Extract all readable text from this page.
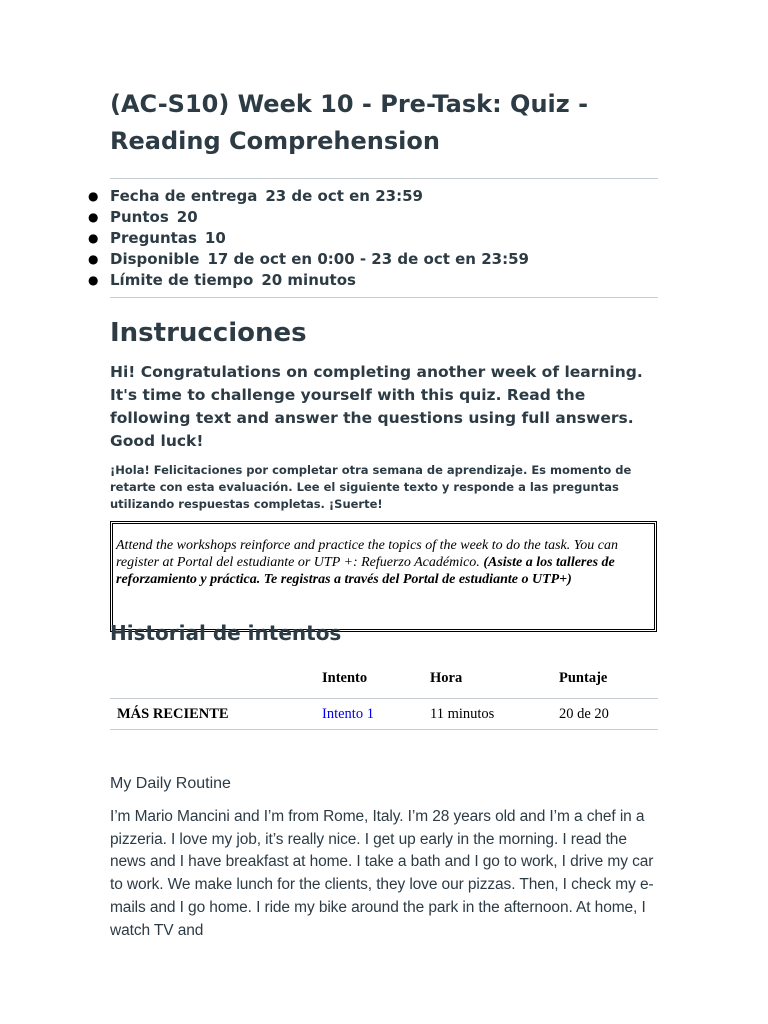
(AC-S10) Week 10 - Pre-Task: Quiz - Reading Comprehension
● Fecha de entrega 23 de oct en 23:59
● Puntos 20
● Preguntas 10
● Disponible 17 de oct en 0:00 - 23 de oct en 23:59
● Límite de tiempo 20 minutos
Instrucciones

Hi! Congratulations on completing another week of learning. It's time to challenge yourself with this quiz. Read the following text and answer the questions using full answers. Good luck!

¡Hola! Felicitaciones por completar otra semana de aprendizaje. Es momento de retarte con esta evaluación. Lee el siguiente texto y responde a las preguntas utilizando respuestas completas. ¡Suerte!

Attend the workshops reinforce and practice the topics of the week to do the task. You can register at Portal del estudiante or UTP +: Refuerzo Académico. (Asiste a los talleres de reforzamiento y práctica. Te registras a través del Portal de estudiante o UTP+)
Historial de intentos
	Intento	Hora	Puntaje
MÁS RECIENTE	Intento 1	11 minutos	20 de 20
My Daily Routine

I’m Mario Mancini and I’m from Rome, Italy. I’m 28 years old and I’m a chef in a pizzeria. I love my job, it’s really nice. I get up early in the morning. I read the news and I have breakfast at home. I take a bath and I go to work, I drive my car to work. We make lunch for the clients, they love our pizzas. Then, I check my e-mails and I go home. I ride my bike around the park in the afternoon. At home, I watch TV and
